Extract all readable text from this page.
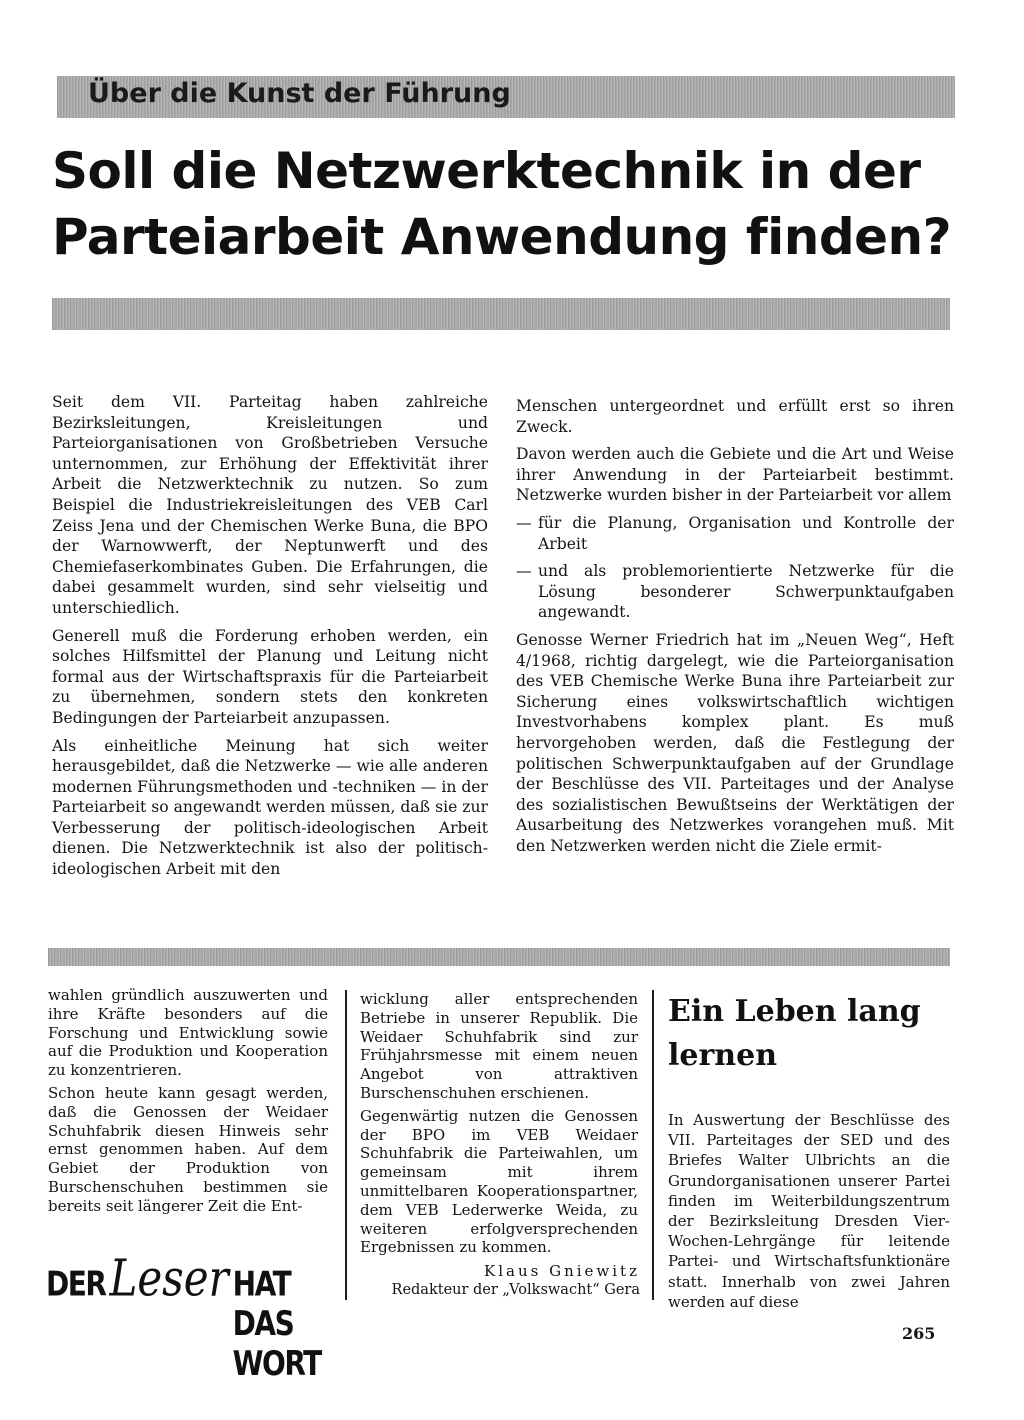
Über die Kunst der Führung
Soll die Netzwerktechnik in der Parteiarbeit Anwendung finden?

Seit dem VII. Parteitag haben zahlreiche Bezirksleitungen, Kreisleitungen und Parteiorganisationen von Großbetrieben Versuche unternommen, zur Erhöhung der Effektivität ihrer Arbeit die Netzwerktechnik zu nutzen. So zum Beispiel die Industriekreisleitungen des VEB Carl Zeiss Jena und der Chemischen Werke Buna, die BPO der Warnowwerft, der Neptunwerft und des Chemiefaserkombinates Guben. Die Erfahrungen, die dabei gesammelt wurden, sind sehr vielseitig und unterschiedlich.

Generell muß die Forderung erhoben werden, ein solches Hilfsmittel der Planung und Leitung nicht formal aus der Wirtschaftspraxis für die Parteiarbeit zu übernehmen, sondern stets den konkreten Bedingungen der Parteiarbeit anzupassen.

Als einheitliche Meinung hat sich weiter herausgebildet, daß die Netzwerke — wie alle anderen modernen Führungsmethoden und -techniken — in der Parteiarbeit so angewandt werden müssen, daß sie zur Verbesserung der politisch-ideologischen Arbeit dienen. Die Netzwerktechnik ist also der politisch-ideologischen Arbeit mit den

Menschen untergeordnet und erfüllt erst so ihren Zweck.

Davon werden auch die Gebiete und die Art und Weise ihrer Anwendung in der Parteiarbeit bestimmt. Netzwerke wurden bisher in der Parteiarbeit vor allem

— für die Planung, Organisation und Kontrolle der Arbeit
— und als problemorientierte Netzwerke für die Lösung besonderer Schwerpunktaufgaben angewandt.

Genosse Werner Friedrich hat im „Neuen Weg“, Heft 4/1968, richtig dargelegt, wie die Parteiorganisation des VEB Chemische Werke Buna ihre Parteiarbeit zur Sicherung eines volkswirtschaftlich wichtigen Investvorhabens komplex plant. Es muß hervorgehoben werden, daß die Festlegung der politischen Schwerpunktaufgaben auf der Grundlage der Beschlüsse des VII. Parteitages und der Analyse des sozialistischen Bewußtseins der Werktätigen der Ausarbeitung des Netzwerkes vorangehen muß. Mit den Netzwerken werden nicht die Ziele ermit-

wahlen gründlich auszuwerten und ihre Kräfte besonders auf die Forschung und Entwicklung sowie auf die Produktion und Kooperation zu konzentrieren.

Schon heute kann gesagt werden, daß die Genossen der Weidaer Schuhfabrik diesen Hinweis sehr ernst genommen haben. Auf dem Gebiet der Produktion von Burschenschuhen bestimmen sie bereits seit längerer Zeit die Ent-

wicklung aller entsprechenden Betriebe in unserer Republik. Die Weidaer Schuhfabrik sind zur Frühjahrsmesse mit einem neuen Angebot von attraktiven Burschenschuhen erschienen.

Gegenwärtig nutzen die Genossen der BPO im VEB Weidaer Schuhfabrik die Parteiwahlen, um gemeinsam mit ihrem unmittelbaren Kooperationspartner, dem VEB Lederwerke Weida, zu weiteren erfolgversprechenden Ergebnissen zu kommen.

Klaus Gniewitz
Redakteur der „Volkswacht“ Gera
DER Leser HAT DAS WORT
Ein Leben lang lernen

In Auswertung der Beschlüsse des VII. Parteitages der SED und des Briefes Walter Ulbrichts an die Grundorganisationen unserer Partei finden im Weiterbildungszentrum der Bezirksleitung Dresden Vier-Wochen-Lehrgänge für leitende Partei- und Wirtschaftsfunktionäre statt. Innerhalb von zwei Jahren werden auf diese

265
